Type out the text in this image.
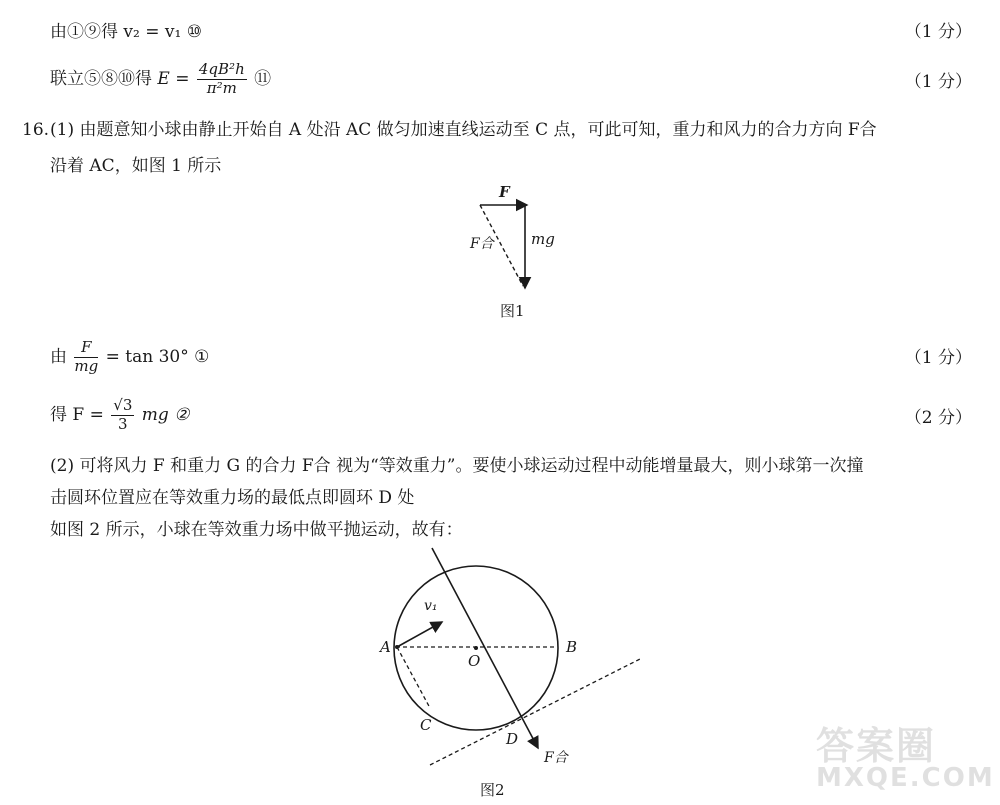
由①⑨得 v₂ = v₁ ⑩	（1 分）
联立⑤⑧⑩得 $E = \frac{\text{4qB²h}}{\text{π²m}}$ ⑪	（1 分）
16. (1) 由题意知小球由静止开始自 A 处沿 AC 做匀加速直线运动至 C 点，可此可知，重力和风力的合力方向 F合
沿着 AC，如图 1 所示
F
mg
F合
图1
由 $\frac{F}{mg} = \tan 30^\circ$ ①	（1 分）
得 $F = \frac{√3}{3}$ mg ②	（2 分）
(2) 可将风力 F 和重力 G 的合力 F合 视为“等效重力”。要使小球运动过程中动能增量最大，则小球第一次撞
击圆环位置应在等效重力场的最低点即圆环 D 处
如图 2 所示，小球在等效重力场中做平抛运动，故有：
v₁
A	B
O
C
D
F合
图2
答案圈
MXQE.COM
